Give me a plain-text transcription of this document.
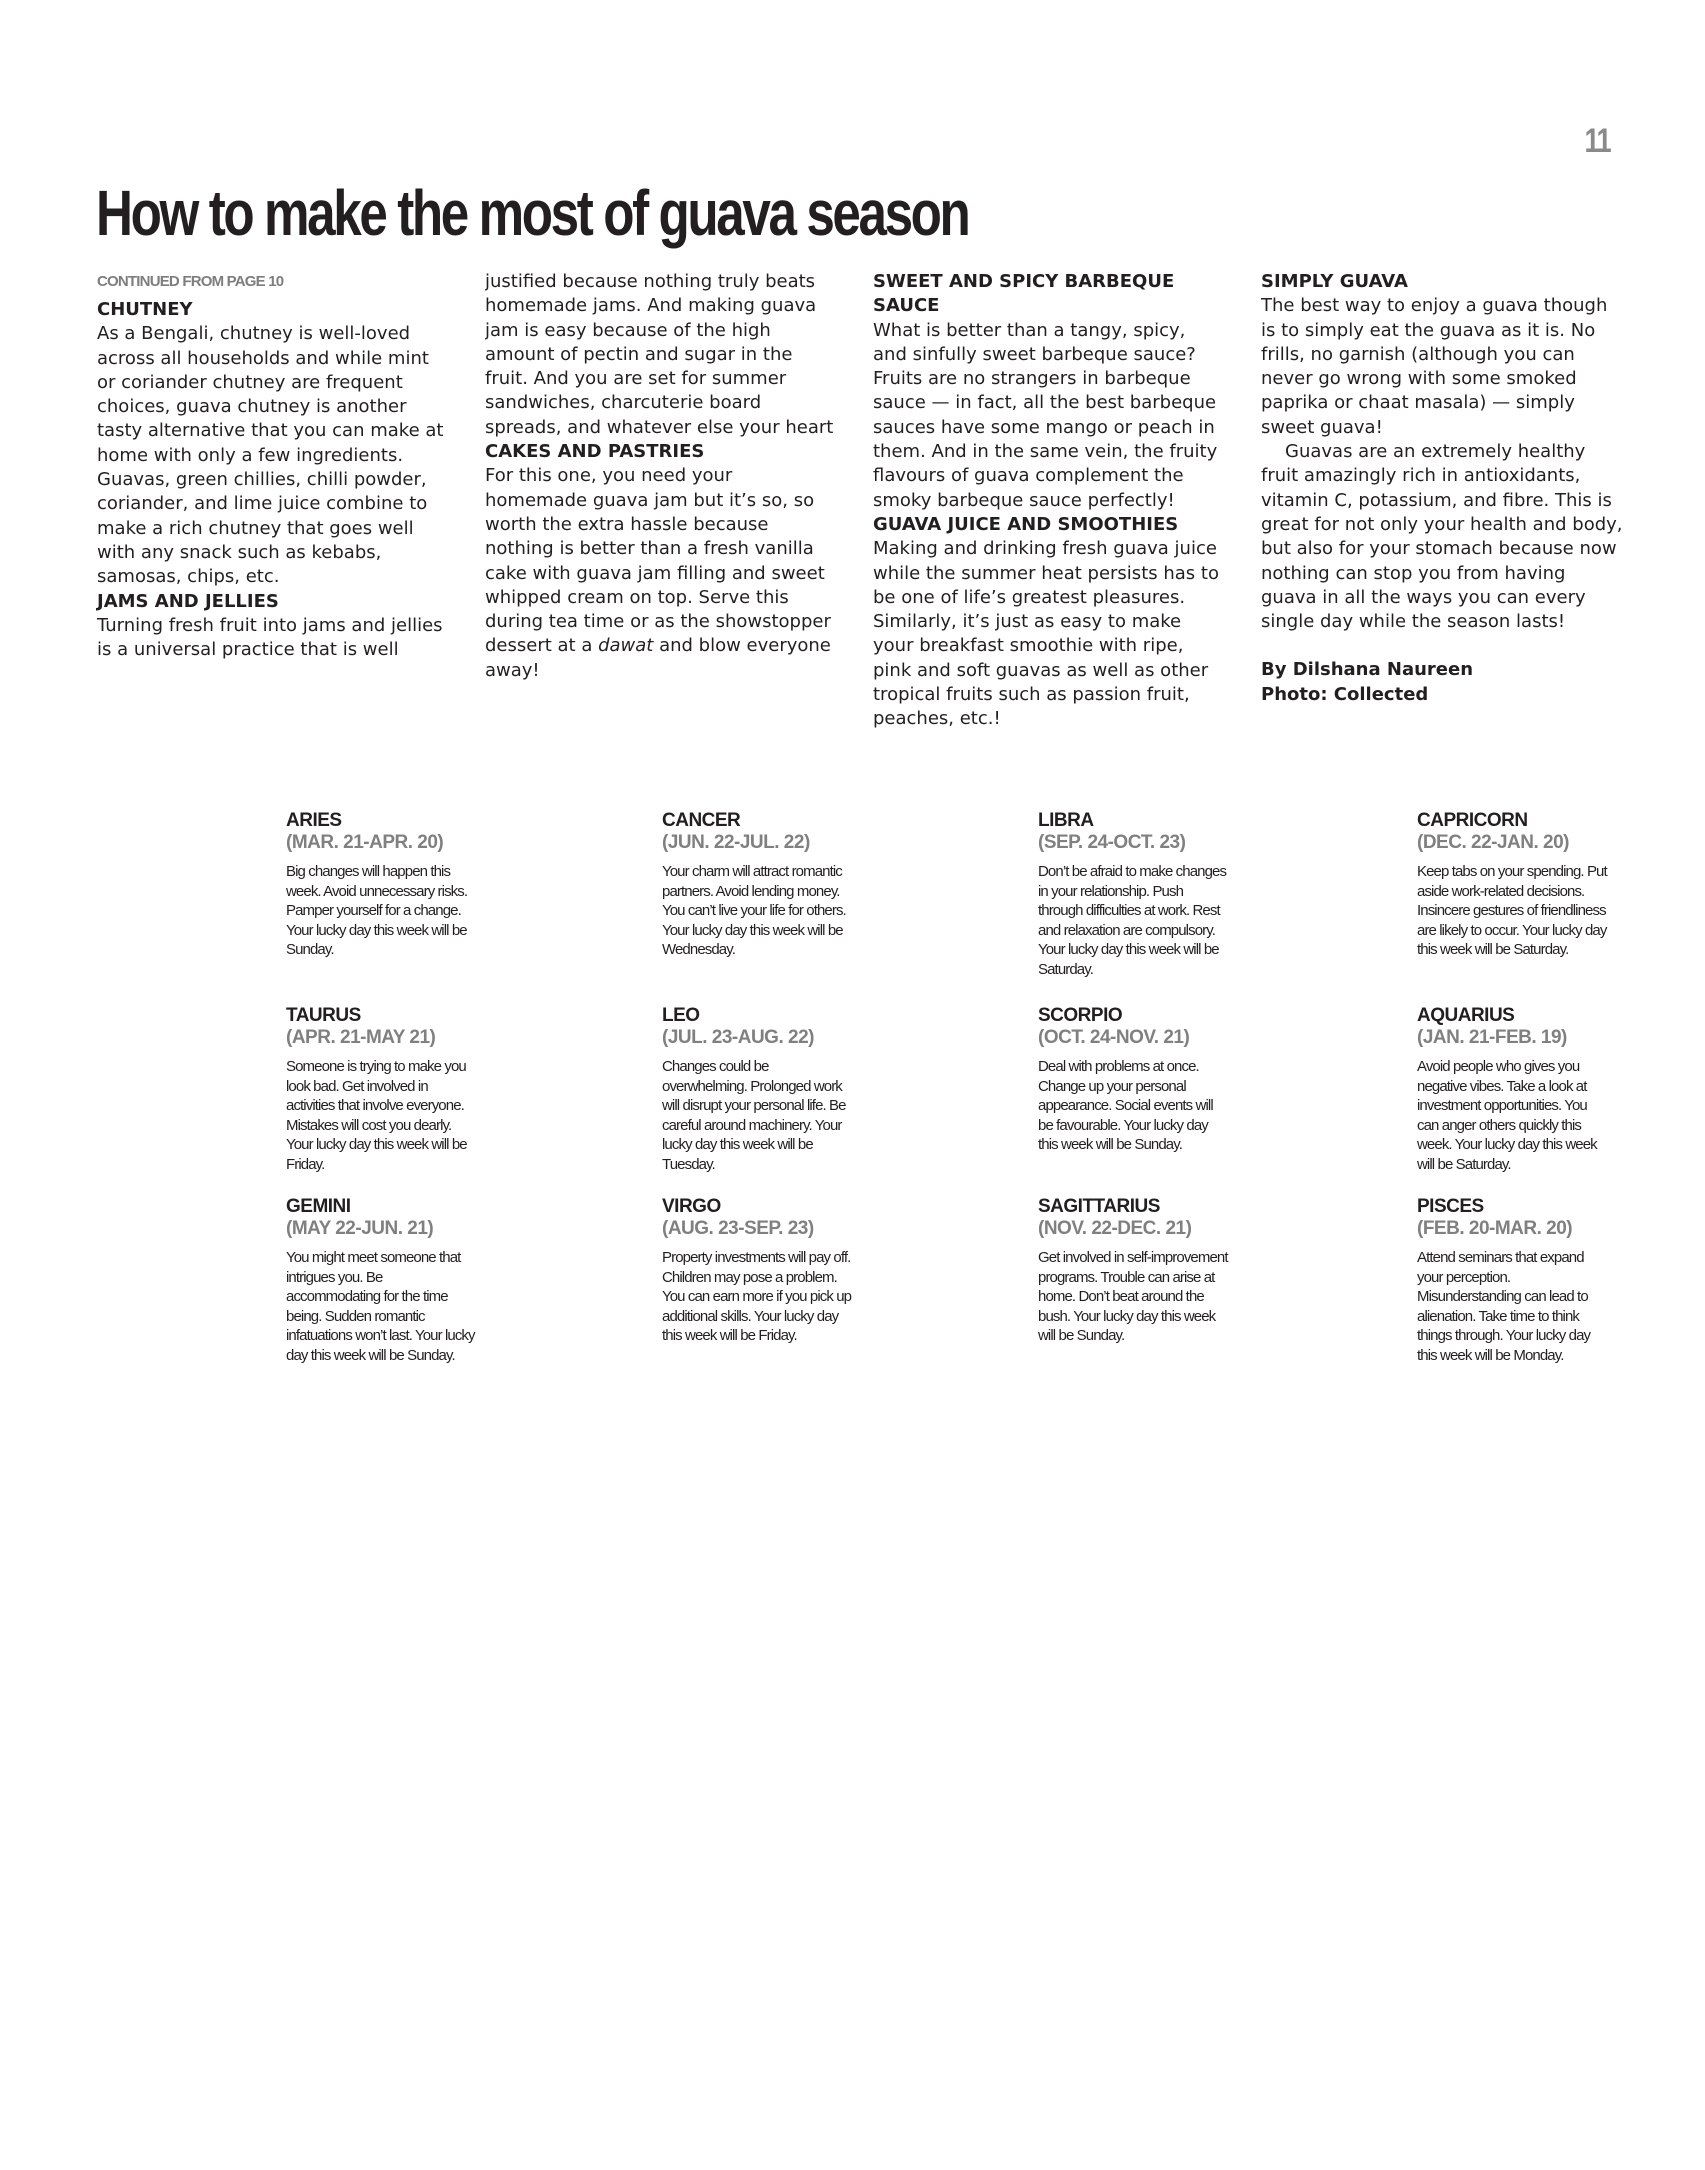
11
How to make the most of guava season
CONTINUED FROM PAGE 10
CHUTNEY

As a Bengali, chutney is well-loved across all households and while mint or coriander chutney are frequent choices, guava chutney is another tasty alternative that you can make at home with only a few ingredients. Guavas, green chillies, chilli powder, coriander, and lime juice combine to make a rich chutney that goes well with any snack such as kebabs, samosas, chips, etc.

JAMS AND JELLIES

Turning fresh fruit into jams and jellies is a universal practice that is well

justified because nothing truly beats homemade jams. And making guava jam is easy because of the high amount of pectin and sugar in the fruit. And you are set for summer sandwiches, charcuterie board spreads, and whatever else your heart

CAKES AND PASTRIES

For this one, you need your homemade guava jam but it’s so, so worth the extra hassle because nothing is better than a fresh vanilla cake with guava jam filling and sweet whipped cream on top. Serve this during tea time or as the showstopper dessert at a dawat and blow everyone away!

SWEET AND SPICY BARBEQUE SAUCE

What is better than a tangy, spicy, and sinfully sweet barbeque sauce? Fruits are no strangers in barbeque sauce — in fact, all the best barbeque sauces have some mango or peach in them. And in the same vein, the fruity flavours of guava complement the smoky barbeque sauce perfectly!

GUAVA JUICE AND SMOOTHIES

Making and drinking fresh guava juice while the summer heat persists has to be one of life’s greatest pleasures. Similarly, it’s just as easy to make your breakfast smoothie with ripe, pink and soft guavas as well as other tropical fruits such as passion fruit, peaches, etc.!

SIMPLY GUAVA

The best way to enjoy a guava though is to simply eat the guava as it is. No frills, no garnish (although you can never go wrong with some smoked paprika or chaat masala) — simply sweet guava!

Guavas are an extremely healthy fruit amazingly rich in antioxidants, vitamin C, potassium, and fibre. This is great for not only your health and body, but also for your stomach because now nothing can stop you from having guava in all the ways you can every single day while the season lasts!

By Dilshana Naureen
Photo: Collected
ARIES
(MAR. 21-APR. 20)
Big changes will happen this week. Avoid unnecessary risks. Pamper yourself for a change. Your lucky day this week will be Sunday.
TAURUS
(APR. 21-MAY 21)
Someone is trying to make you look bad. Get involved in activities that involve everyone. Mistakes will cost you dearly. Your lucky day this week will be Friday.
GEMINI
(MAY 22-JUN. 21)
You might meet someone that intrigues you. Be accommodating for the time being. Sudden romantic infatuations won’t last. Your lucky day this week will be Sunday.
CANCER
(JUN. 22-JUL. 22)
Your charm will attract romantic partners. Avoid lending money. You can’t live your life for others. Your lucky day this week will be Wednesday.
LEO
(JUL. 23-AUG. 22)
Changes could be overwhelming. Prolonged work will disrupt your personal life. Be careful around machinery. Your lucky day this week will be Tuesday.
VIRGO
(AUG. 23-SEP. 23)
Property investments will pay off. Children may pose a problem. You can earn more if you pick up additional skills. Your lucky day this week will be Friday.
LIBRA
(SEP. 24-OCT. 23)
Don’t be afraid to make changes in your relationship. Push through difficulties at work. Rest and relaxation are compulsory. Your lucky day this week will be Saturday.
SCORPIO
(OCT. 24-NOV. 21)
Deal with problems at once. Change up your personal appearance. Social events will be favourable. Your lucky day this week will be Sunday.
SAGITTARIUS
(NOV. 22-DEC. 21)
Get involved in self-improvement programs. Trouble can arise at home. Don’t beat around the bush. Your lucky day this week will be Sunday.
CAPRICORN
(DEC. 22-JAN. 20)
Keep tabs on your spending. Put aside work-related decisions. Insincere gestures of friendliness are likely to occur. Your lucky day this week will be Saturday.
AQUARIUS
(JAN. 21-FEB. 19)
Avoid people who gives you negative vibes. Take a look at investment opportunities. You can anger others quickly this week. Your lucky day this week will be Saturday.
PISCES
(FEB. 20-MAR. 20)
Attend seminars that expand your perception. Misunderstanding can lead to alienation. Take time to think things through. Your lucky day this week will be Monday.
